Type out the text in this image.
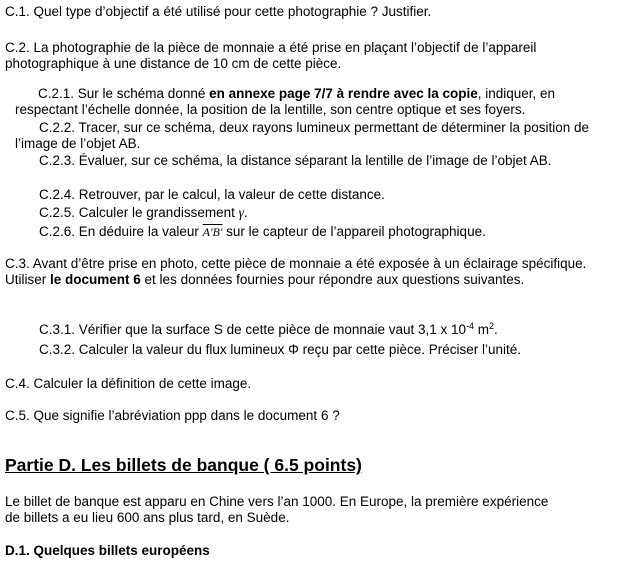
C.1. Quel type d’objectif a été utilisé pour cette photographie ? Justifier.

C.2. La photographie de la pièce de monnaie a été prise en plaçant l’objectif de l’appareil photographique à une distance de 10 cm de cette pièce.

C.2.1. Sur le schéma donné en annexe page 7/7 à rendre avec la copie, indiquer, en respectant l’échelle donnée, la position de la lentille, son centre optique et ses foyers.

C.2.2. Tracer, sur ce schéma, deux rayons lumineux permettant de déterminer la position de l’image de l’objet AB.

C.2.3. Évaluer, sur ce schéma, la distance séparant la lentille de l’image de l’objet AB.

C.2.4. Retrouver, par le calcul, la valeur de cette distance.

C.2.5. Calculer le grandissement γ.

C.2.6. En déduire la valeur A'B' sur le capteur de l’appareil photographique.

C.3. Avant d’être prise en photo, cette pièce de monnaie a été exposée à un éclairage spécifique. Utiliser le document 6 et les données fournies pour répondre aux questions suivantes.

C.3.1. Vérifier que la surface S de cette pièce de monnaie vaut 3,1 x $10^{-4}$ $m^2$.

C.3.2. Calculer la valeur du flux lumineux Φ reçu par cette pièce. Préciser l’unité.

C.4. Calculer la définition de cette image.

C.5. Que signifie l’abréviation ppp dans le document 6 ?

Partie D. Les billets de banque ( 6.5 points)

Le billet de banque est apparu en Chine vers l’an 1000. En Europe, la première expérience de billets a eu lieu 600 ans plus tard, en Suède.

D.1. Quelques billets européens
